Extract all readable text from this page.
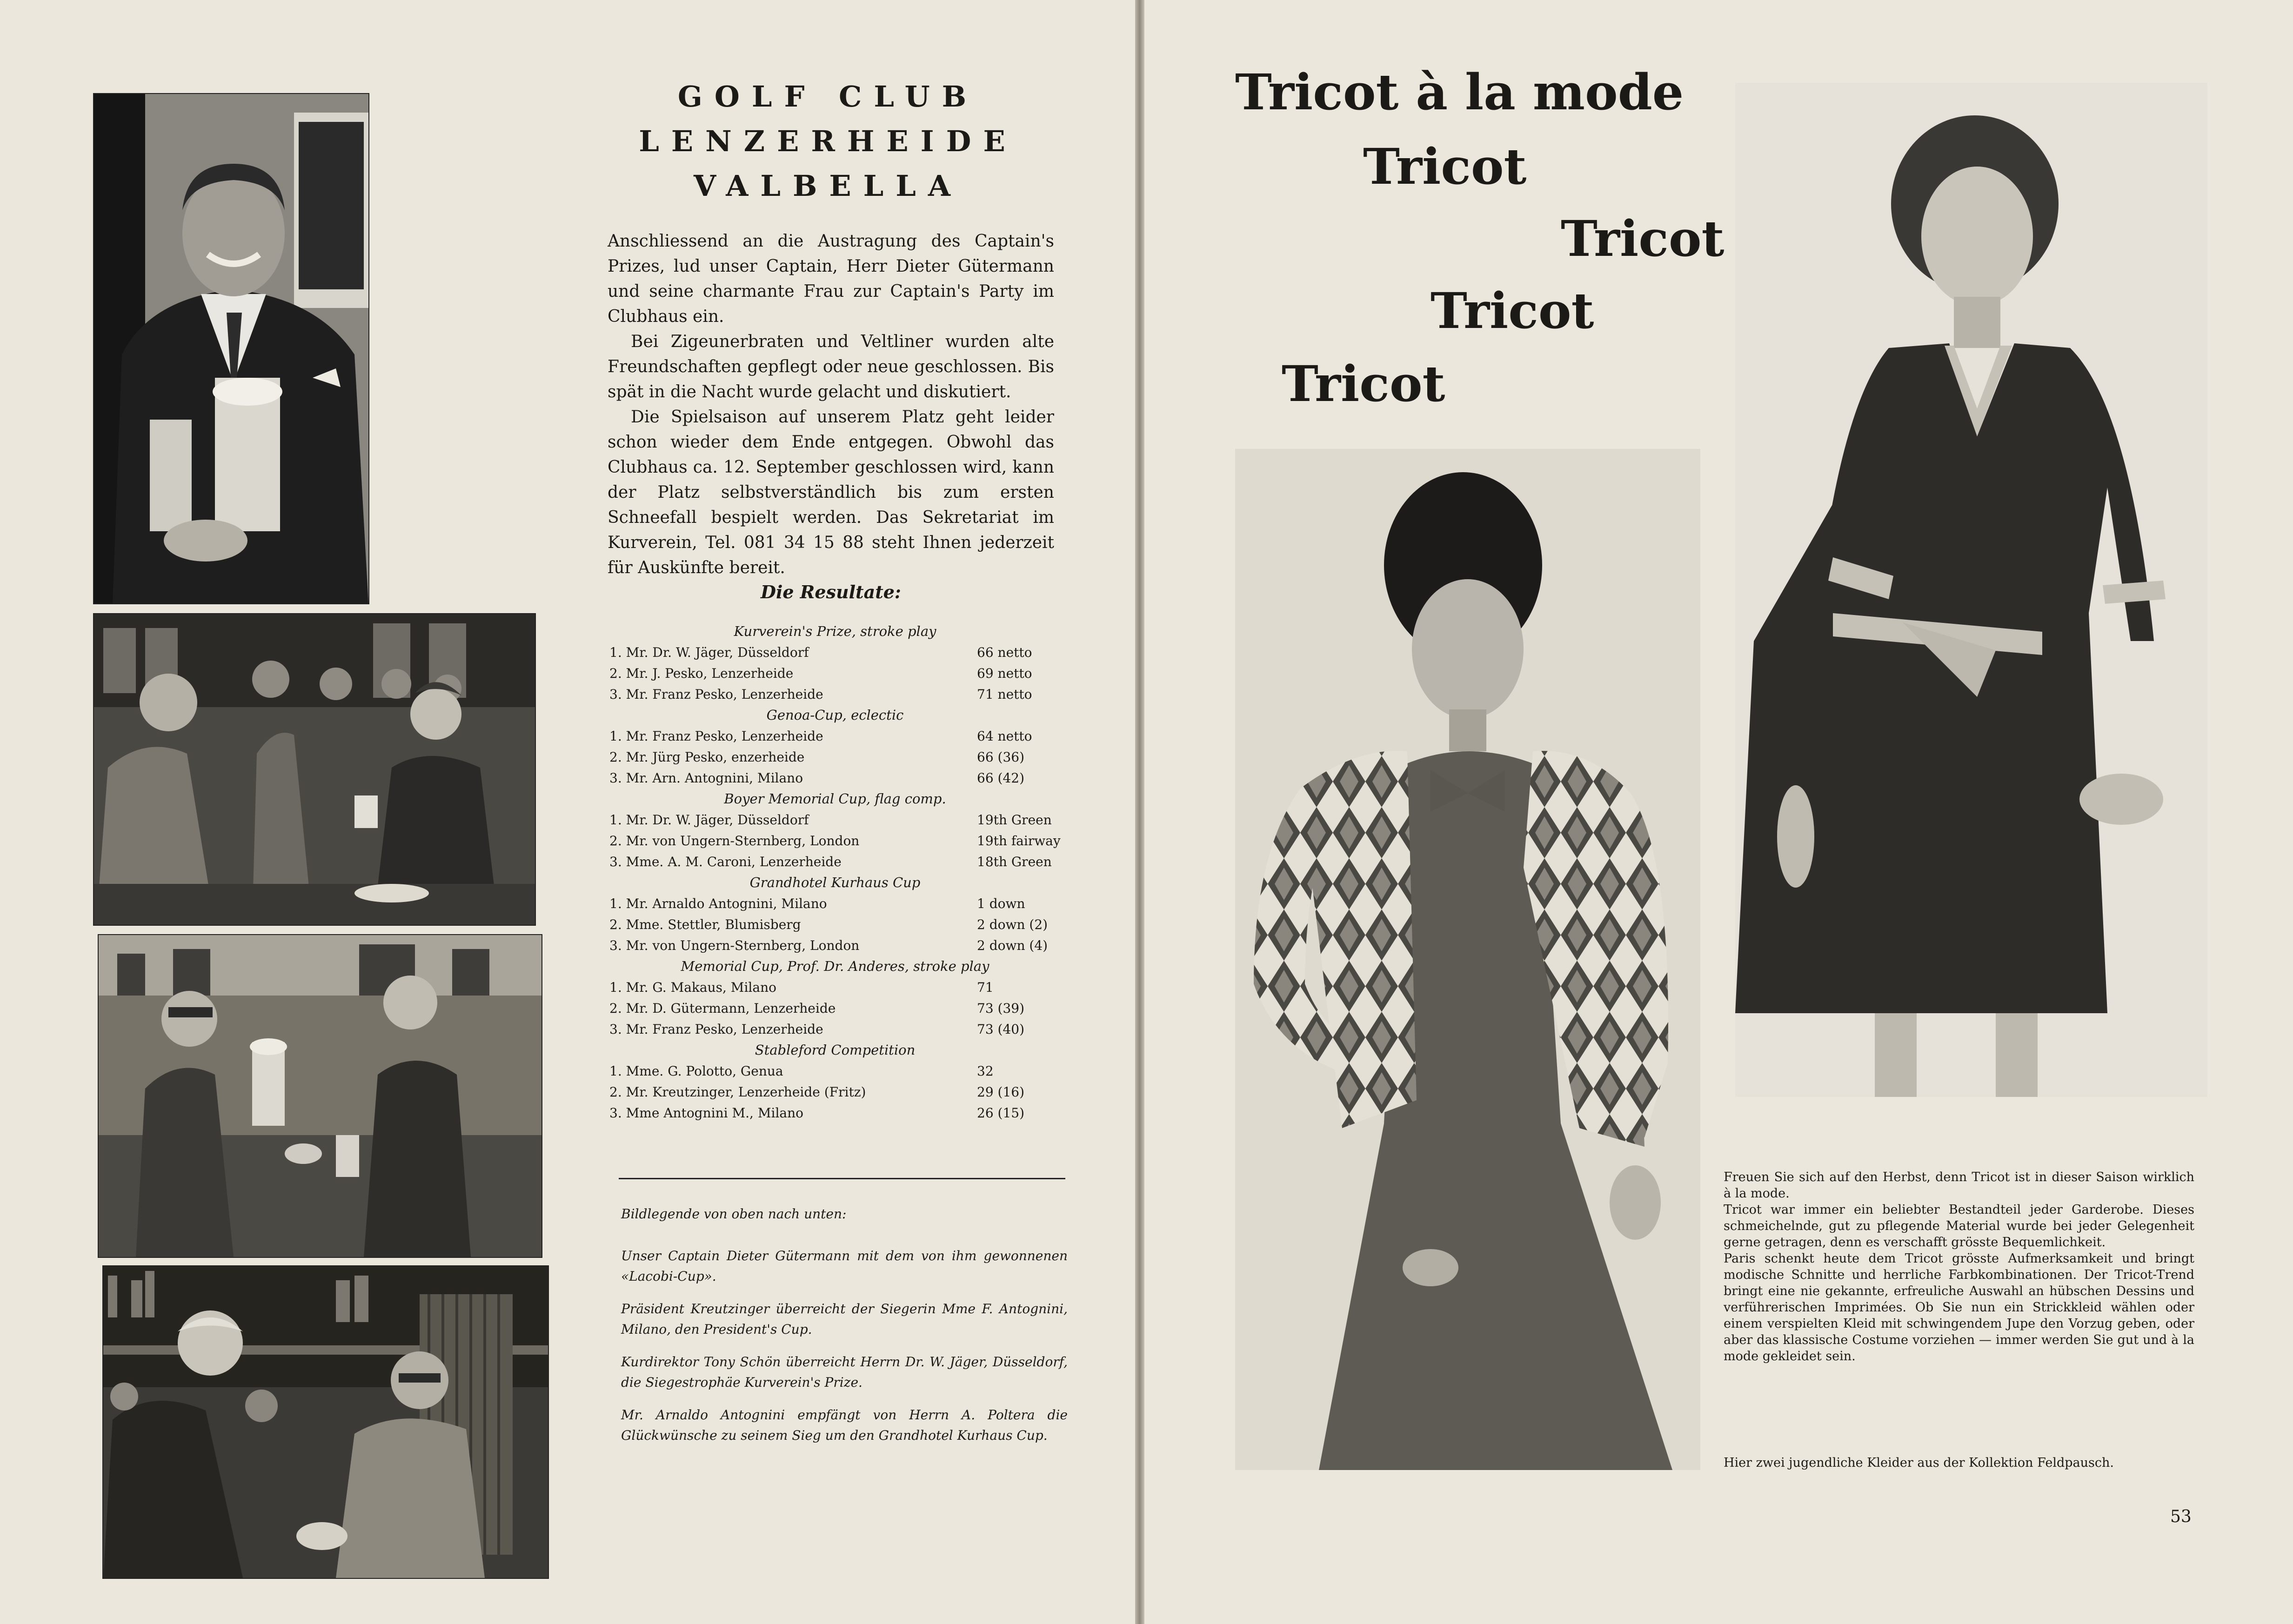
GOLF CLUB
LENZERHEIDE
VALBELLA

Anschliessend an die Austragung des Captain's Prizes, lud unser Captain, Herr Dieter Gütermann und seine charmante Frau zur Captain's Party im Clubhaus ein.

Bei Zigeunerbraten und Veltliner wurden alte Freundschaften gepflegt oder neue geschlossen. Bis spät in die Nacht wurde gelacht und diskutiert.

Die Spielsaison auf unserem Platz geht leider schon wieder dem Ende entgegen. Obwohl das Clubhaus ca. 12. September geschlossen wird, kann der Platz selbstverständlich bis zum ersten Schneefall bespielt werden. Das Sekretariat im Kurverein, Tel. 081 34 15 88 steht Ihnen jederzeit für Auskünfte bereit.

Die Resultate:
Kurverein's Prize, stroke play
1. Mr. Dr. W. Jäger, Düsseldorf	66 netto
2. Mr. J. Pesko, Lenzerheide	69 netto
3. Mr. Franz Pesko, Lenzerheide	71 netto
Genoa-Cup, eclectic
1. Mr. Franz Pesko, Lenzerheide	64 netto
2. Mr. Jürg Pesko, enzerheide	66 (36)
3. Mr. Arn. Antognini, Milano	66 (42)
Boyer Memorial Cup, flag comp.
1. Mr. Dr. W. Jäger, Düsseldorf	19th Green
2. Mr. von Ungern-Sternberg, London	19th fairway
3. Mme. A. M. Caroni, Lenzerheide	18th Green
Grandhotel Kurhaus Cup
1. Mr. Arnaldo Antognini, Milano	1 down
2. Mme. Stettler, Blumisberg	2 down (2)
3. Mr. von Ungern-Sternberg, London	2 down (4)
Memorial Cup, Prof. Dr. Anderes, stroke play
1. Mr. G. Makaus, Milano	71
2. Mr. D. Gütermann, Lenzerheide	73 (39)
3. Mr. Franz Pesko, Lenzerheide	73 (40)
Stableford Competition
1. Mme. G. Polotto, Genua	32
2. Mr. Kreutzinger, Lenzerheide (Fritz)	29 (16)
3. Mme Antognini M., Milano	26 (15)

Bildlegende von oben nach unten:

Unser Captain Dieter Gütermann mit dem von ihm gewonnenen «Lacobi-Cup».

Präsident Kreutzinger überreicht der Siegerin Mme F. Antognini, Milano, den President's Cup.

Kurdirektor Tony Schön überreicht Herrn Dr. W. Jäger, Düsseldorf, die Siegestrophäe Kurverein's Prize.

Mr. Arnaldo Antognini empfängt von Herrn A. Poltera die Glückwünsche zu seinem Sieg um den Grandhotel Kurhaus Cup.

Tricot à la mode
Tricot
Tricot
Tricot
Tricot

Freuen Sie sich auf den Herbst, denn Tricot ist in dieser Saison wirklich à la mode.

Tricot war immer ein beliebter Bestandteil jeder Garderobe. Dieses schmeichelnde, gut zu pflegende Material wurde bei jeder Gelegenheit gerne getragen, denn es verschafft grösste Bequemlichkeit.

Paris schenkt heute dem Tricot grösste Aufmerksamkeit und bringt modische Schnitte und herrliche Farbkombinationen. Der Tricot-Trend bringt eine nie gekannte, erfreuliche Auswahl an hübschen Dessins und verführerischen Imprimées. Ob Sie nun ein Strickkleid wählen oder einem verspielten Kleid mit schwingendem Jupe den Vorzug geben, oder aber das klassische Costume vorziehen — immer werden Sie gut und à la mode gekleidet sein.

Hier zwei jugendliche Kleider aus der Kollektion Feldpausch.
53
